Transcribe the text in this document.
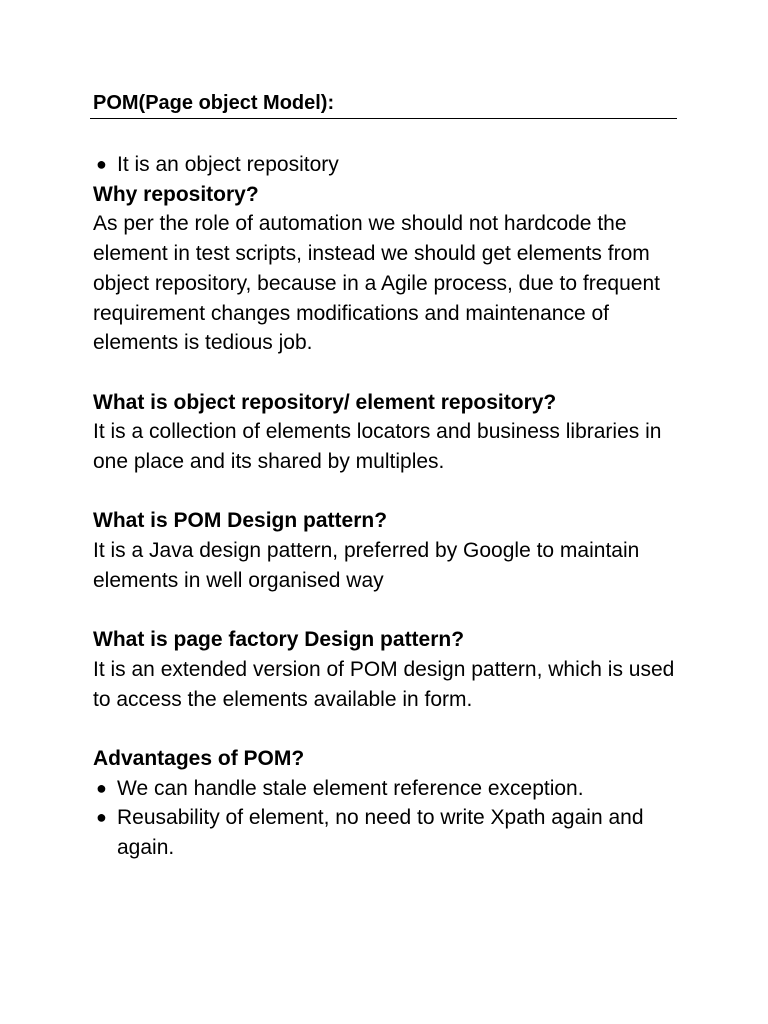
POM(Page object Model):
● It is an object repository

Why repository?

As per the role of automation we should not hardcode the element in test scripts, instead we should get elements from object repository, because in a Agile process, due to frequent requirement changes modifications and maintenance of elements is tedious job.

What is object repository/ element repository?

It is a collection of elements locators and business libraries in one place and its shared by multiples.

What is POM Design pattern?

It is a Java design pattern, preferred by Google to maintain elements in well organised way

What is page factory Design pattern?

It is an extended version of POM design pattern, which is used to access the elements available in form.

Advantages of POM?

● We can handle stale element reference exception.
● Reusability of element, no need to write Xpath again and again.
